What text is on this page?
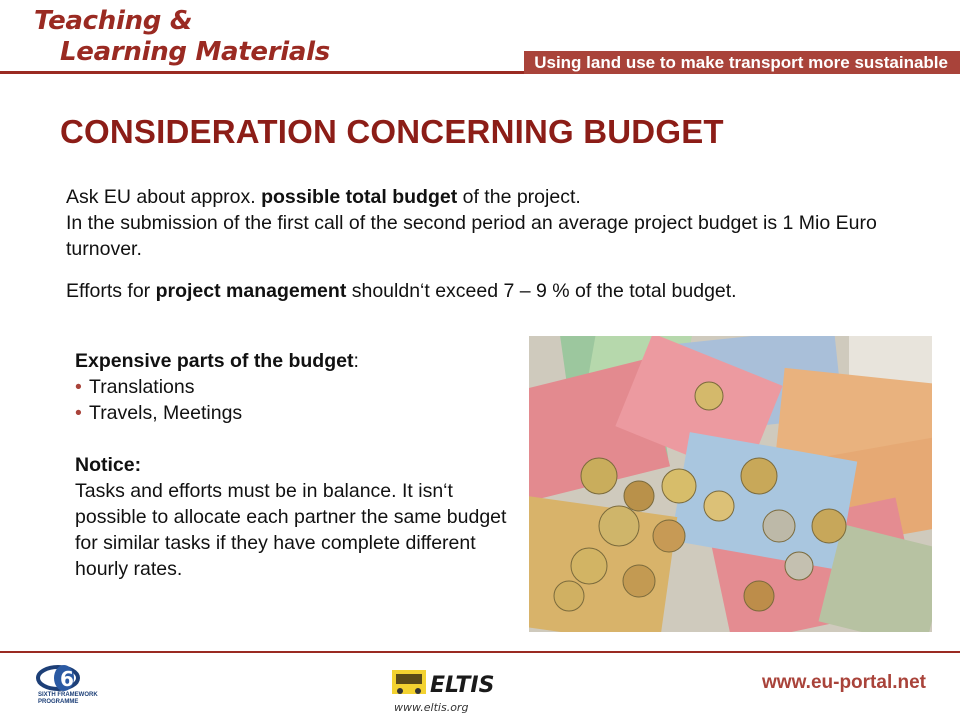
Teaching &
Learning Materials	Using land use to make transport more sustainable
CONSIDERATION CONCERNING BUDGET

Ask EU about approx. possible total budget of the project.

In the submission of the first call of the second period an average project budget is 1 Mio Euro turnover.

Efforts for project management shouldn‘t exceed 7 – 9 % of the total budget.

Expensive parts of the budget:

• Translations
• Travels, Meetings

Notice:

Tasks and efforts must be in balance. It isn‘t possible to allocate each partner the same budget for similar tasks if they have complete different hourly rates.

6
SIXTH FRAMEWORK PROGRAMME
ELTIS
www.eltis.org
www.eu-portal.net
